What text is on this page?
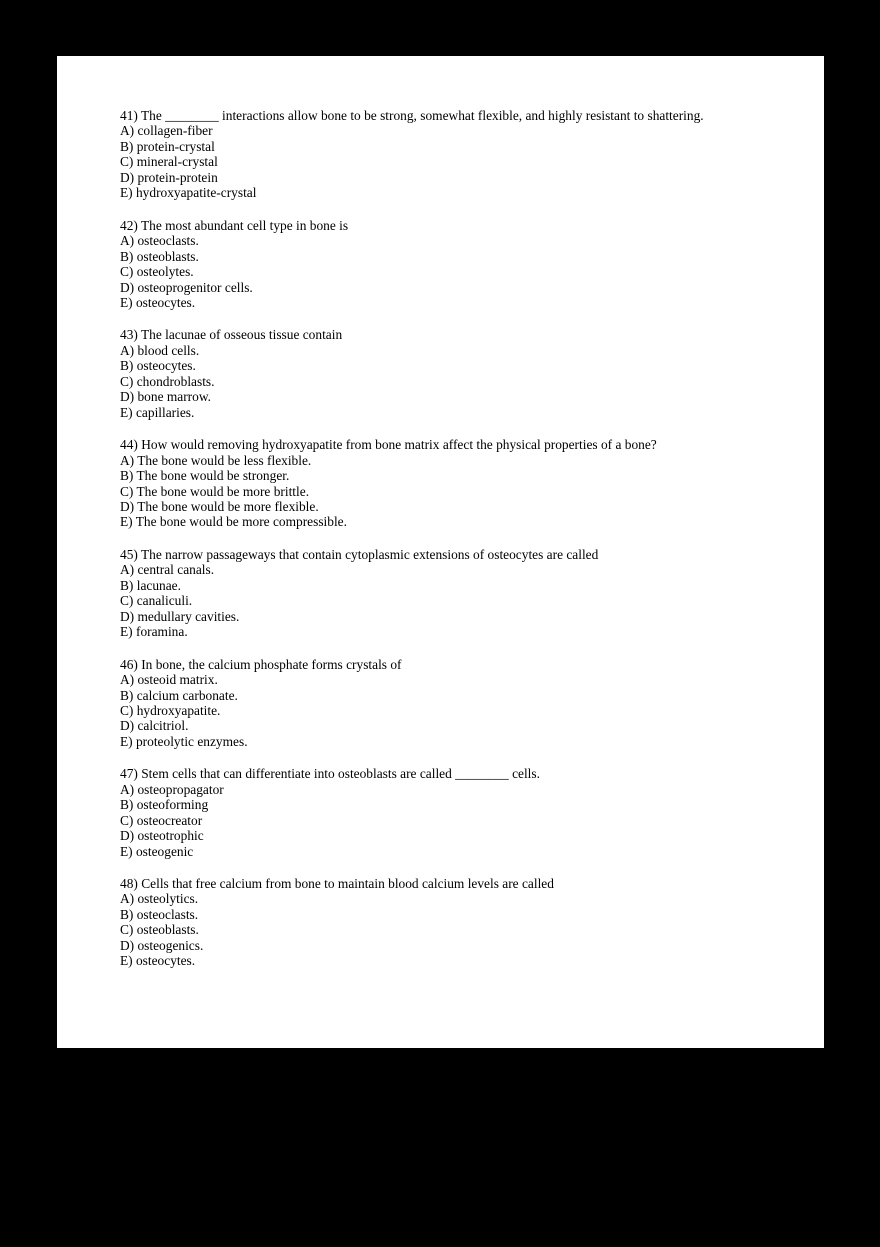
41) The ________ interactions allow bone to be strong, somewhat flexible, and highly resistant to shattering.
A) collagen-fiber
B) protein-crystal
C) mineral-crystal
D) protein-protein
E) hydroxyapatite-crystal
42) The most abundant cell type in bone is
A) osteoclasts.
B) osteoblasts.
C) osteolytes.
D) osteoprogenitor cells.
E) osteocytes.
43) The lacunae of osseous tissue contain
A) blood cells.
B) osteocytes.
C) chondroblasts.
D) bone marrow.
E) capillaries.
44) How would removing hydroxyapatite from bone matrix affect the physical properties of a bone?
A) The bone would be less flexible.
B) The bone would be stronger.
C) The bone would be more brittle.
D) The bone would be more flexible.
E) The bone would be more compressible.
45) The narrow passageways that contain cytoplasmic extensions of osteocytes are called
A) central canals.
B) lacunae.
C) canaliculi.
D) medullary cavities.
E) foramina.
46) In bone, the calcium phosphate forms crystals of
A) osteoid matrix.
B) calcium carbonate.
C) hydroxyapatite.
D) calcitriol.
E) proteolytic enzymes.
47) Stem cells that can differentiate into osteoblasts are called ________ cells.
A) osteopropagator
B) osteoforming
C) osteocreator
D) osteotrophic
E) osteogenic
48) Cells that free calcium from bone to maintain blood calcium levels are called
A) osteolytics.
B) osteoclasts.
C) osteoblasts.
D) osteogenics.
E) osteocytes.
